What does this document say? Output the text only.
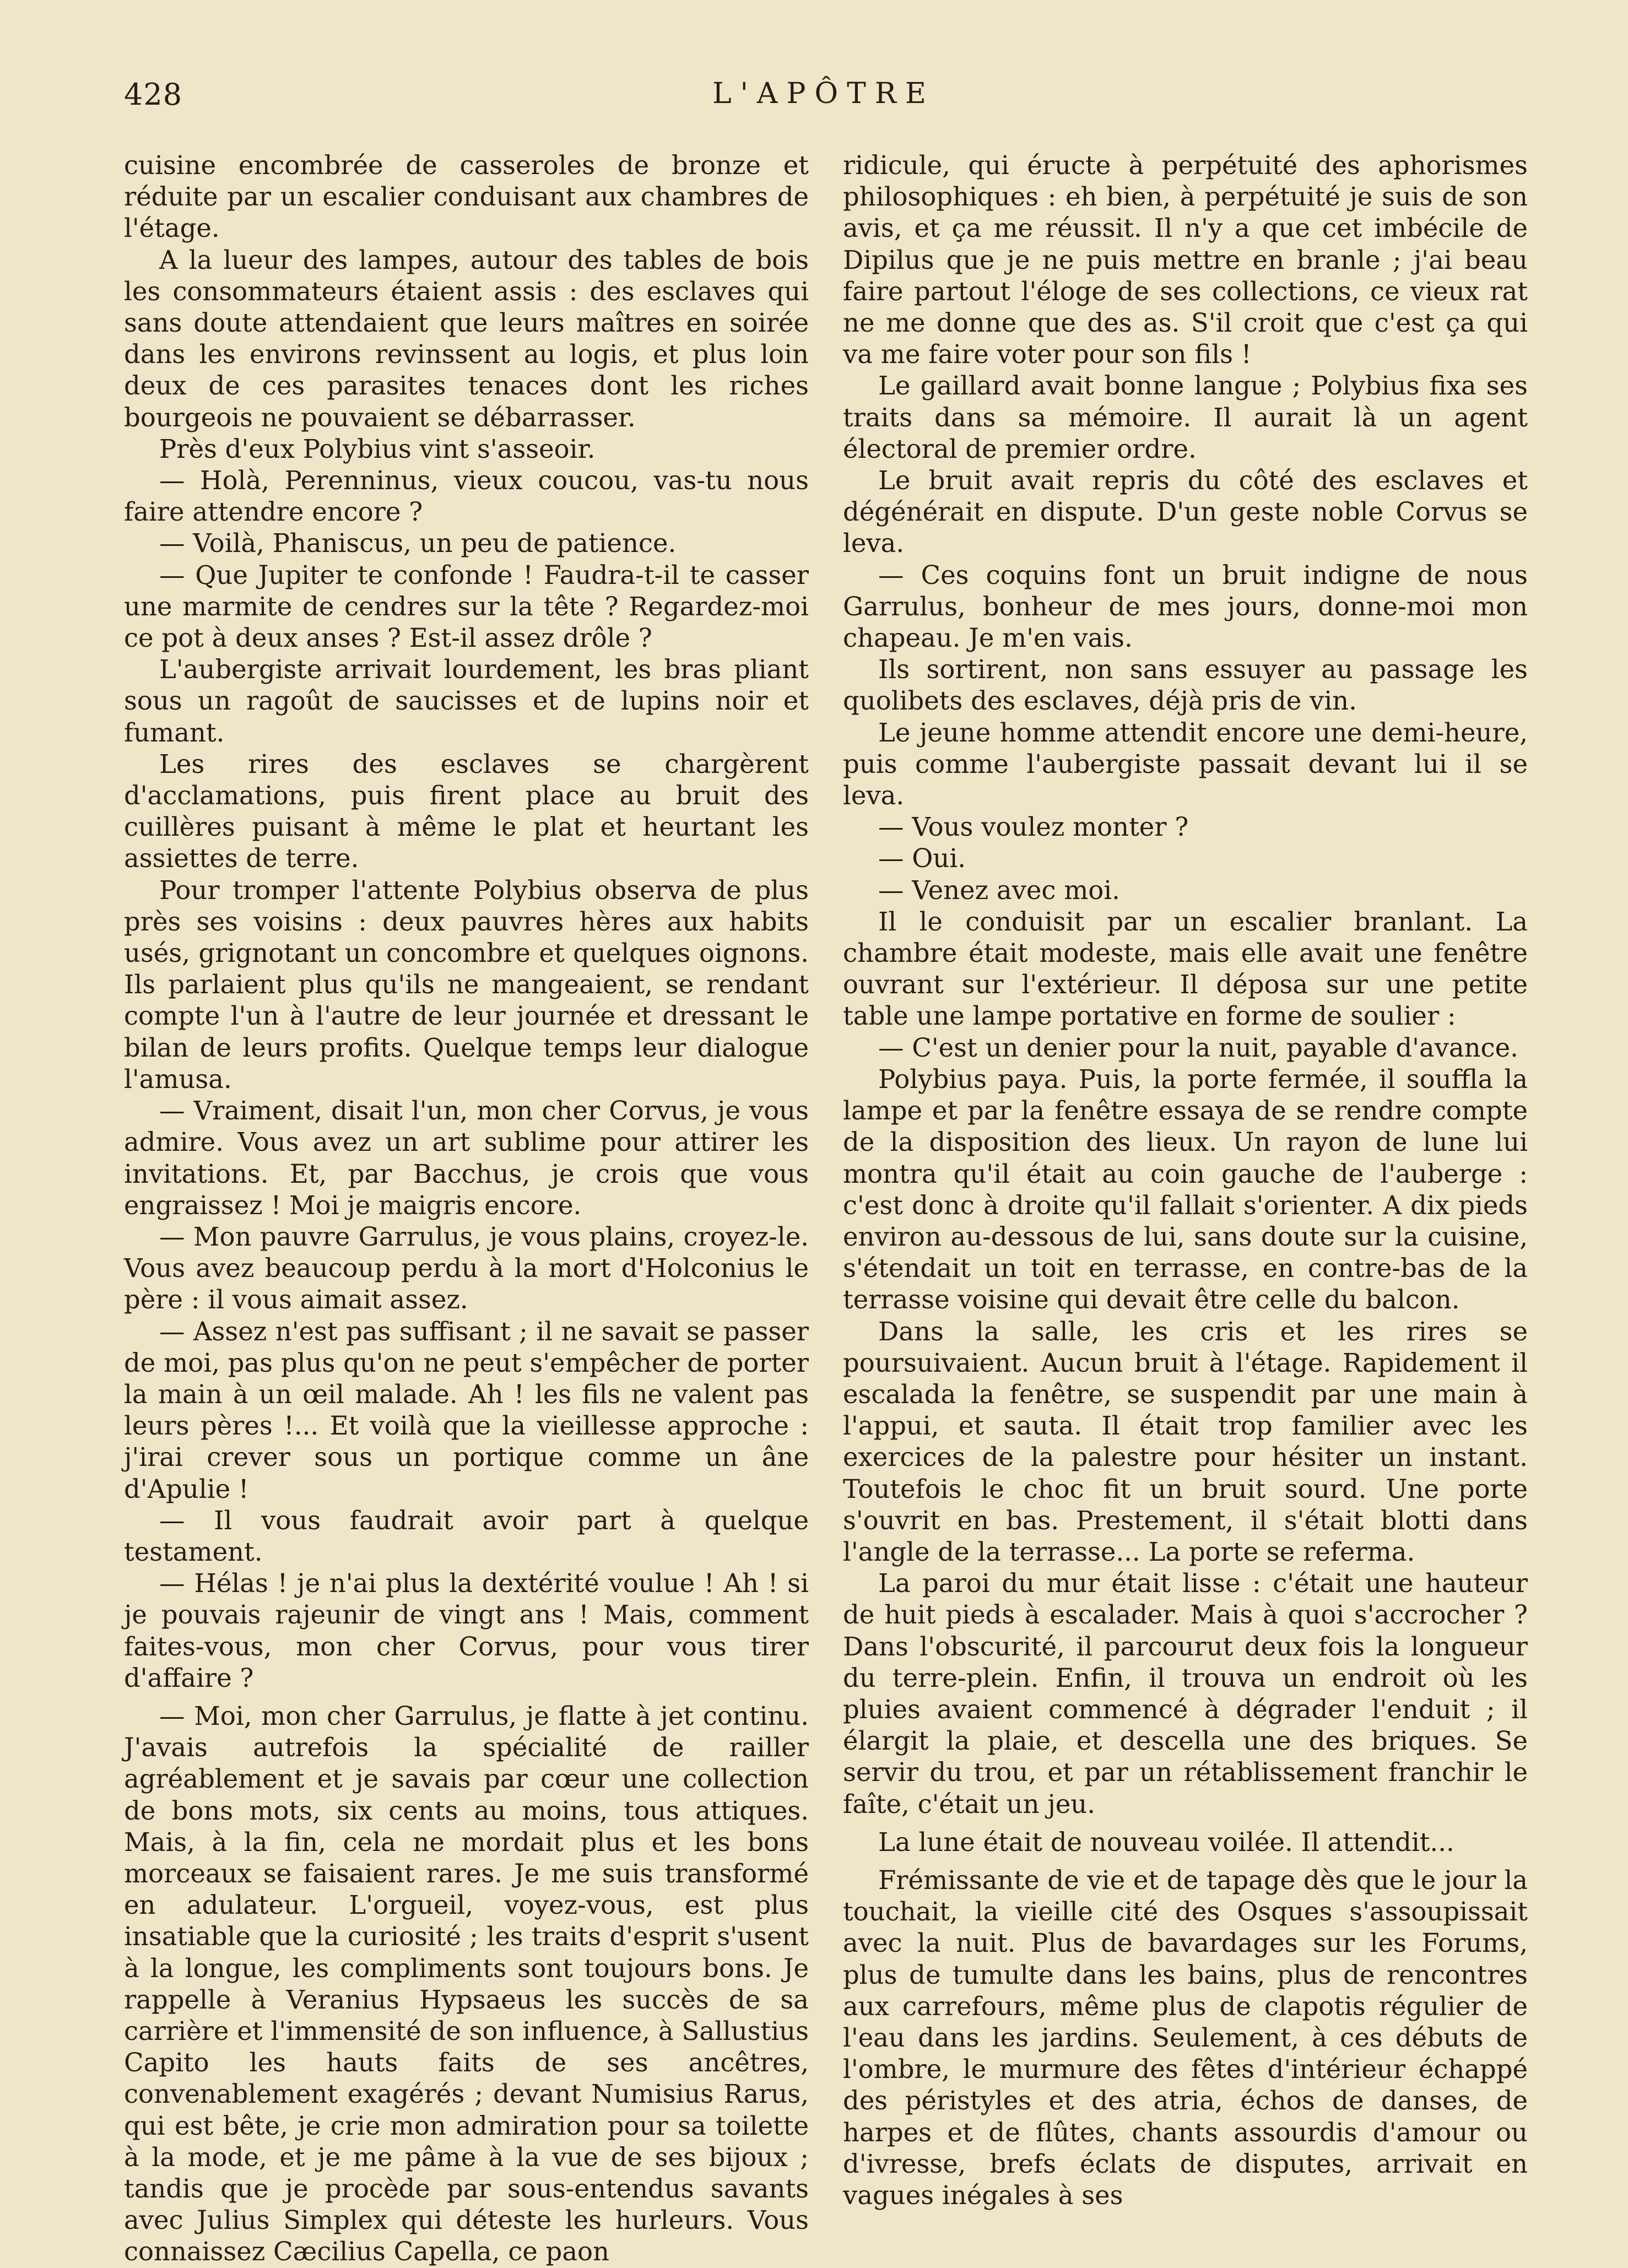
428	L'APÔTRE

cuisine encombrée de casseroles de bronze et réduite par un escalier conduisant aux chambres de l'étage.

A la lueur des lampes, autour des tables de bois les consommateurs étaient assis : des esclaves qui sans doute attendaient que leurs maîtres en soirée dans les environs revinssent au logis, et plus loin deux de ces parasites tenaces dont les riches bourgeois ne pouvaient se débarrasser.

Près d'eux Polybius vint s'asseoir.

— Holà, Perenninus, vieux coucou, vas-tu nous faire attendre encore ?

— Voilà, Phaniscus, un peu de patience.

— Que Jupiter te confonde ! Faudra-t-il te casser une marmite de cendres sur la tête ? Regardez-moi ce pot à deux anses ? Est-il assez drôle ?

L'aubergiste arrivait lourdement, les bras pliant sous un ragoût de saucisses et de lupins noir et fumant.

Les rires des esclaves se chargèrent d'acclamations, puis firent place au bruit des cuillères puisant à même le plat et heurtant les assiettes de terre.

Pour tromper l'attente Polybius observa de plus près ses voisins : deux pauvres hères aux habits usés, grignotant un concombre et quelques oignons. Ils parlaient plus qu'ils ne mangeaient, se rendant compte l'un à l'autre de leur journée et dressant le bilan de leurs profits. Quelque temps leur dialogue l'amusa.

— Vraiment, disait l'un, mon cher Corvus, je vous admire. Vous avez un art sublime pour attirer les invitations. Et, par Bacchus, je crois que vous engraissez ! Moi je maigris encore.

— Mon pauvre Garrulus, je vous plains, croyez-le. Vous avez beaucoup perdu à la mort d'Holconius le père : il vous aimait assez.

— Assez n'est pas suffisant ; il ne savait se passer de moi, pas plus qu'on ne peut s'empêcher de porter la main à un œil malade. Ah ! les fils ne valent pas leurs pères !... Et voilà que la vieillesse approche : j'irai crever sous un portique comme un âne d'Apulie !

— Il vous faudrait avoir part à quelque testament.

— Hélas ! je n'ai plus la dextérité voulue ! Ah ! si je pouvais rajeunir de vingt ans ! Mais, comment faites-vous, mon cher Corvus, pour vous tirer d'affaire ?

— Moi, mon cher Garrulus, je flatte à jet continu. J'avais autrefois la spécialité de railler agréablement et je savais par cœur une collection de bons mots, six cents au moins, tous attiques. Mais, à la fin, cela ne mordait plus et les bons morceaux se faisaient rares. Je me suis transformé en adulateur. L'orgueil, voyez-vous, est plus insatiable que la curiosité ; les traits d'esprit s'usent à la longue, les compliments sont toujours bons. Je rappelle à Veranius Hypsaeus les succès de sa carrière et l'immensité de son influence, à Sallustius Capito les hauts faits de ses ancêtres, convenablement exagérés ; devant Numisius Rarus, qui est bête, je crie mon admiration pour sa toilette à la mode, et je me pâme à la vue de ses bijoux ; tandis que je procède par sous-entendus savants avec Julius Simplex qui déteste les hurleurs. Vous connaissez Cæcilius Capella, ce paon

ridicule, qui éructe à perpétuité des aphorismes philosophiques : eh bien, à perpétuité je suis de son avis, et ça me réussit. Il n'y a que cet imbécile de Dipilus que je ne puis mettre en branle ; j'ai beau faire partout l'éloge de ses collections, ce vieux rat ne me donne que des as. S'il croit que c'est ça qui va me faire voter pour son fils !

Le gaillard avait bonne langue ; Polybius fixa ses traits dans sa mémoire. Il aurait là un agent électoral de premier ordre.

Le bruit avait repris du côté des esclaves et dégénérait en dispute. D'un geste noble Corvus se leva.

— Ces coquins font un bruit indigne de nous Garrulus, bonheur de mes jours, donne-moi mon chapeau. Je m'en vais.

Ils sortirent, non sans essuyer au passage les quolibets des esclaves, déjà pris de vin.

Le jeune homme attendit encore une demi-heure, puis comme l'aubergiste passait devant lui il se leva.

— Vous voulez monter ?

— Oui.

— Venez avec moi.

Il le conduisit par un escalier branlant. La chambre était modeste, mais elle avait une fenêtre ouvrant sur l'extérieur. Il déposa sur une petite table une lampe portative en forme de soulier :

— C'est un denier pour la nuit, payable d'avance.

Polybius paya. Puis, la porte fermée, il souffla la lampe et par la fenêtre essaya de se rendre compte de la disposition des lieux. Un rayon de lune lui montra qu'il était au coin gauche de l'auberge : c'est donc à droite qu'il fallait s'orienter. A dix pieds environ au-dessous de lui, sans doute sur la cuisine, s'étendait un toit en terrasse, en contre-bas de la terrasse voisine qui devait être celle du balcon.

Dans la salle, les cris et les rires se poursuivaient. Aucun bruit à l'étage. Rapidement il escalada la fenêtre, se suspendit par une main à l'appui, et sauta. Il était trop familier avec les exercices de la palestre pour hésiter un instant. Toutefois le choc fit un bruit sourd. Une porte s'ouvrit en bas. Prestement, il s'était blotti dans l'angle de la terrasse... La porte se referma.

La paroi du mur était lisse : c'était une hauteur de huit pieds à escalader. Mais à quoi s'accrocher ? Dans l'obscurité, il parcourut deux fois la longueur du terre-plein. Enfin, il trouva un endroit où les pluies avaient commencé à dégrader l'enduit ; il élargit la plaie, et descella une des briques. Se servir du trou, et par un rétablissement franchir le faîte, c'était un jeu.

La lune était de nouveau voilée. Il attendit...

Frémissante de vie et de tapage dès que le jour la touchait, la vieille cité des Osques s'assoupissait avec la nuit. Plus de bavardages sur les Forums, plus de tumulte dans les bains, plus de rencontres aux carrefours, même plus de clapotis régulier de l'eau dans les jardins. Seulement, à ces débuts de l'ombre, le murmure des fêtes d'intérieur échappé des péristyles et des atria, échos de danses, de harpes et de flûtes, chants assourdis d'amour ou d'ivresse, brefs éclats de disputes, arrivait en vagues inégales à ses
